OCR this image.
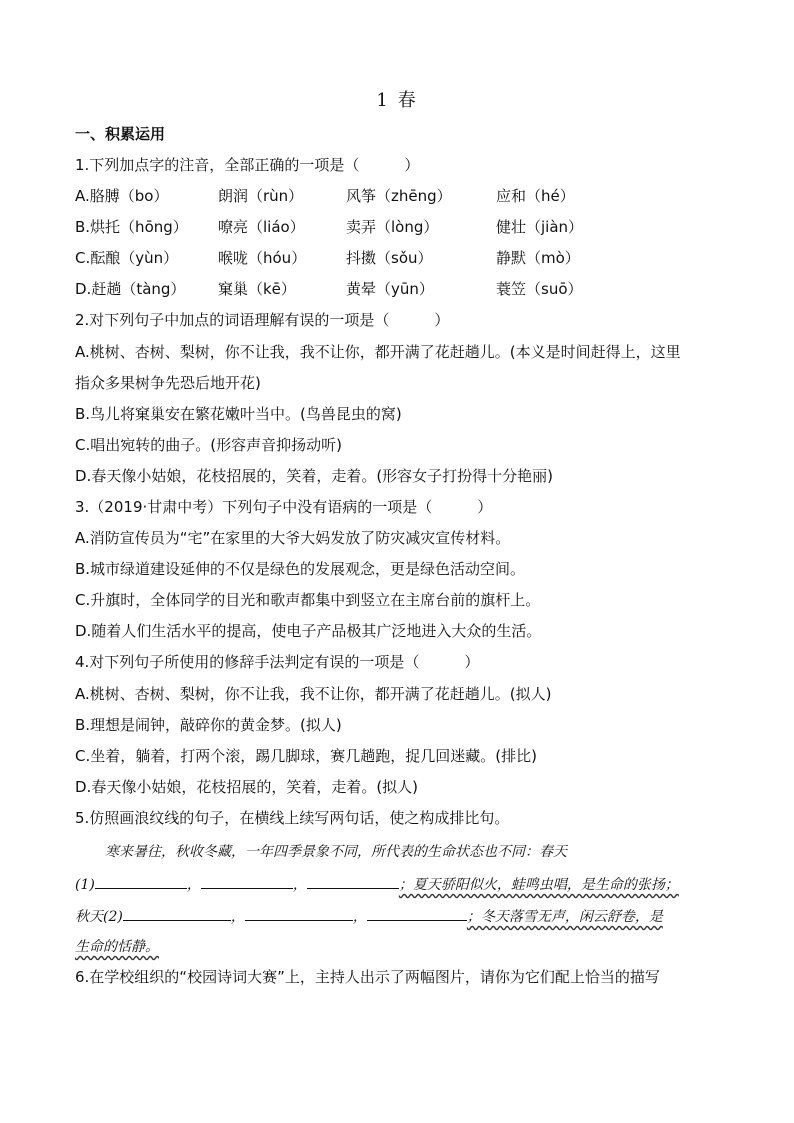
1 春
一、积累运用
1.下列加点字的注音，全部正确的一项是（　　　）
A.胳膊（bo）	朗润（rùn）	风筝（zhēng）	应和（hé）
B.烘托（hōng） 嘹亮（liáo）	卖弄（lòng）	健壮（jiàn）
C.酝酿（yùn）	喉咙（hóu）	抖擞（sǒu）	静默（mò）
D.赶趟（tàng） 窠巢（kē）	黄晕（yūn）	蓑笠（suō）
2.对下列句子中加点的词语理解有误的一项是（　　　）
A.桃树、杏树、梨树，你不让我，我不让你，都开满了花赶趟儿。(本义是时间赶得上，这里
指众多果树争先恐后地开花)
B.鸟儿将窠巢安在繁花嫩叶当中。(鸟兽昆虫的窝)
C.唱出宛转的曲子。(形容声音抑扬动听)
D.春天像小姑娘，花枝招展的，笑着，走着。(形容女子打扮得十分艳丽)
3.（2019·甘肃中考）下列句子中没有语病的一项是（　　　）
A.消防宣传员为“宅”在家里的大爷大妈发放了防灾减灾宣传材料。
B.城市绿道建设延伸的不仅是绿色的发展观念，更是绿色活动空间。
C.升旗时，全体同学的目光和歌声都集中到竖立在主席台前的旗杆上。
D.随着人们生活水平的提高，使电子产品极其广泛地进入大众的生活。
4.对下列句子所使用的修辞手法判定有误的一项是（　　　）
A.桃树、杏树、梨树，你不让我，我不让你，都开满了花赶趟儿。(拟人)
B.理想是闹钟，敲碎你的黄金梦。(拟人)
C.坐着，躺着，打两个滚，踢几脚球，赛几趟跑，捉几回迷藏。(排比)
D.春天像小姑娘，花枝招展的，笑着，走着。(拟人)
5.仿照画浪纹线的句子，在横线上续写两句话，使之构成排比句。
寒来暑往，秋收冬藏，一年四季景象不同，所代表的生命状态也不同：春天
(1)	，	，	；夏天骄阳似火，蛙鸣虫唱，是生命的张扬；
秋天(2)	，	，	；冬天落雪无声，闲云舒卷，是
生命的恬静。
6.在学校组织的“校园诗词大赛”上，主持人出示了两幅图片，请你为它们配上恰当的描写
